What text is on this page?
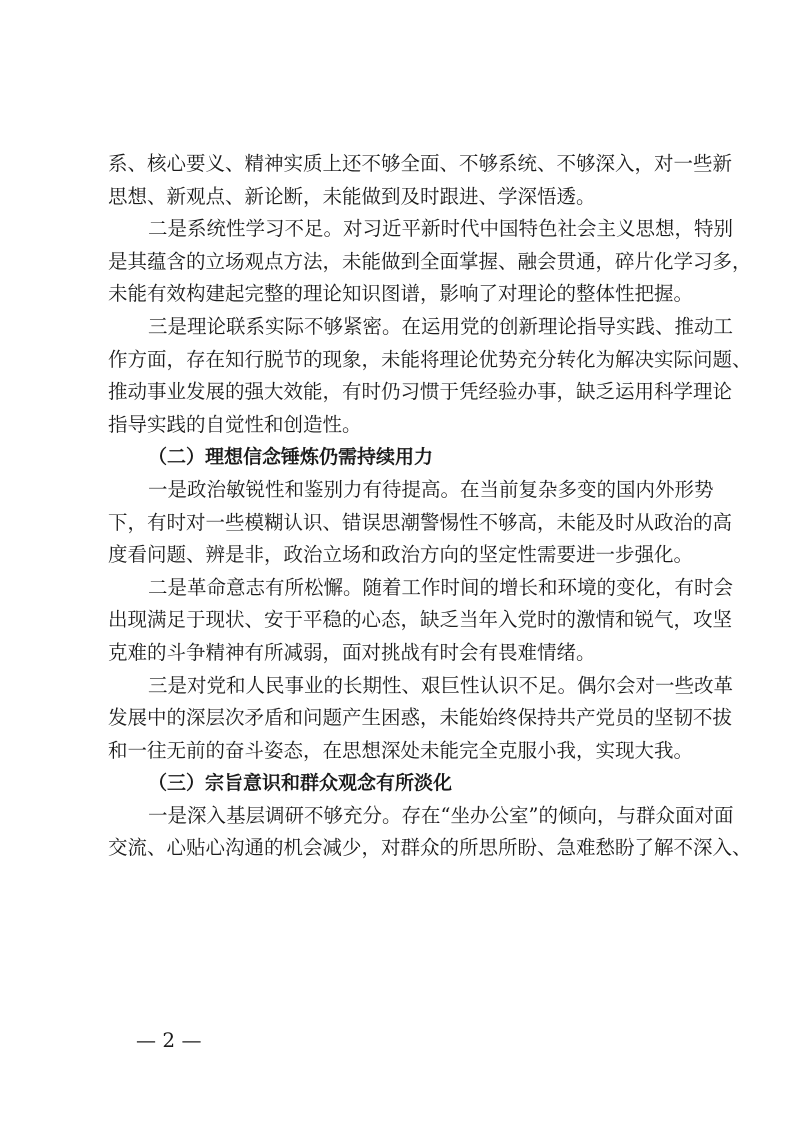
系、核心要义、精神实质上还不够全面、不够系统、不够深入，对一些新
思想、新观点、新论断，未能做到及时跟进、学深悟透。
二是系统性学习不足。对习近平新时代中国特色社会主义思想，特别
是其蕴含的立场观点方法，未能做到全面掌握、融会贯通，碎片化学习多，
未能有效构建起完整的理论知识图谱，影响了对理论的整体性把握。
三是理论联系实际不够紧密。在运用党的创新理论指导实践、推动工
作方面，存在知行脱节的现象，未能将理论优势充分转化为解决实际问题、
推动事业发展的强大效能，有时仍习惯于凭经验办事，缺乏运用科学理论
指导实践的自觉性和创造性。
（二）理想信念锤炼仍需持续用力
一是政治敏锐性和鉴别力有待提高。在当前复杂多变的国内外形势
下，有时对一些模糊认识、错误思潮警惕性不够高，未能及时从政治的高
度看问题、辨是非，政治立场和政治方向的坚定性需要进一步强化。
二是革命意志有所松懈。随着工作时间的增长和环境的变化，有时会
出现满足于现状、安于平稳的心态，缺乏当年入党时的激情和锐气，攻坚
克难的斗争精神有所减弱，面对挑战有时会有畏难情绪。
三是对党和人民事业的长期性、艰巨性认识不足。偶尔会对一些改革
发展中的深层次矛盾和问题产生困惑，未能始终保持共产党员的坚韧不拔
和一往无前的奋斗姿态，在思想深处未能完全克服小我，实现大我。
（三）宗旨意识和群众观念有所淡化
一是深入基层调研不够充分。存在“坐办公室”的倾向，与群众面对面
交流、心贴心沟通的机会减少，对群众的所思所盼、急难愁盼了解不深入、
— 2 —
